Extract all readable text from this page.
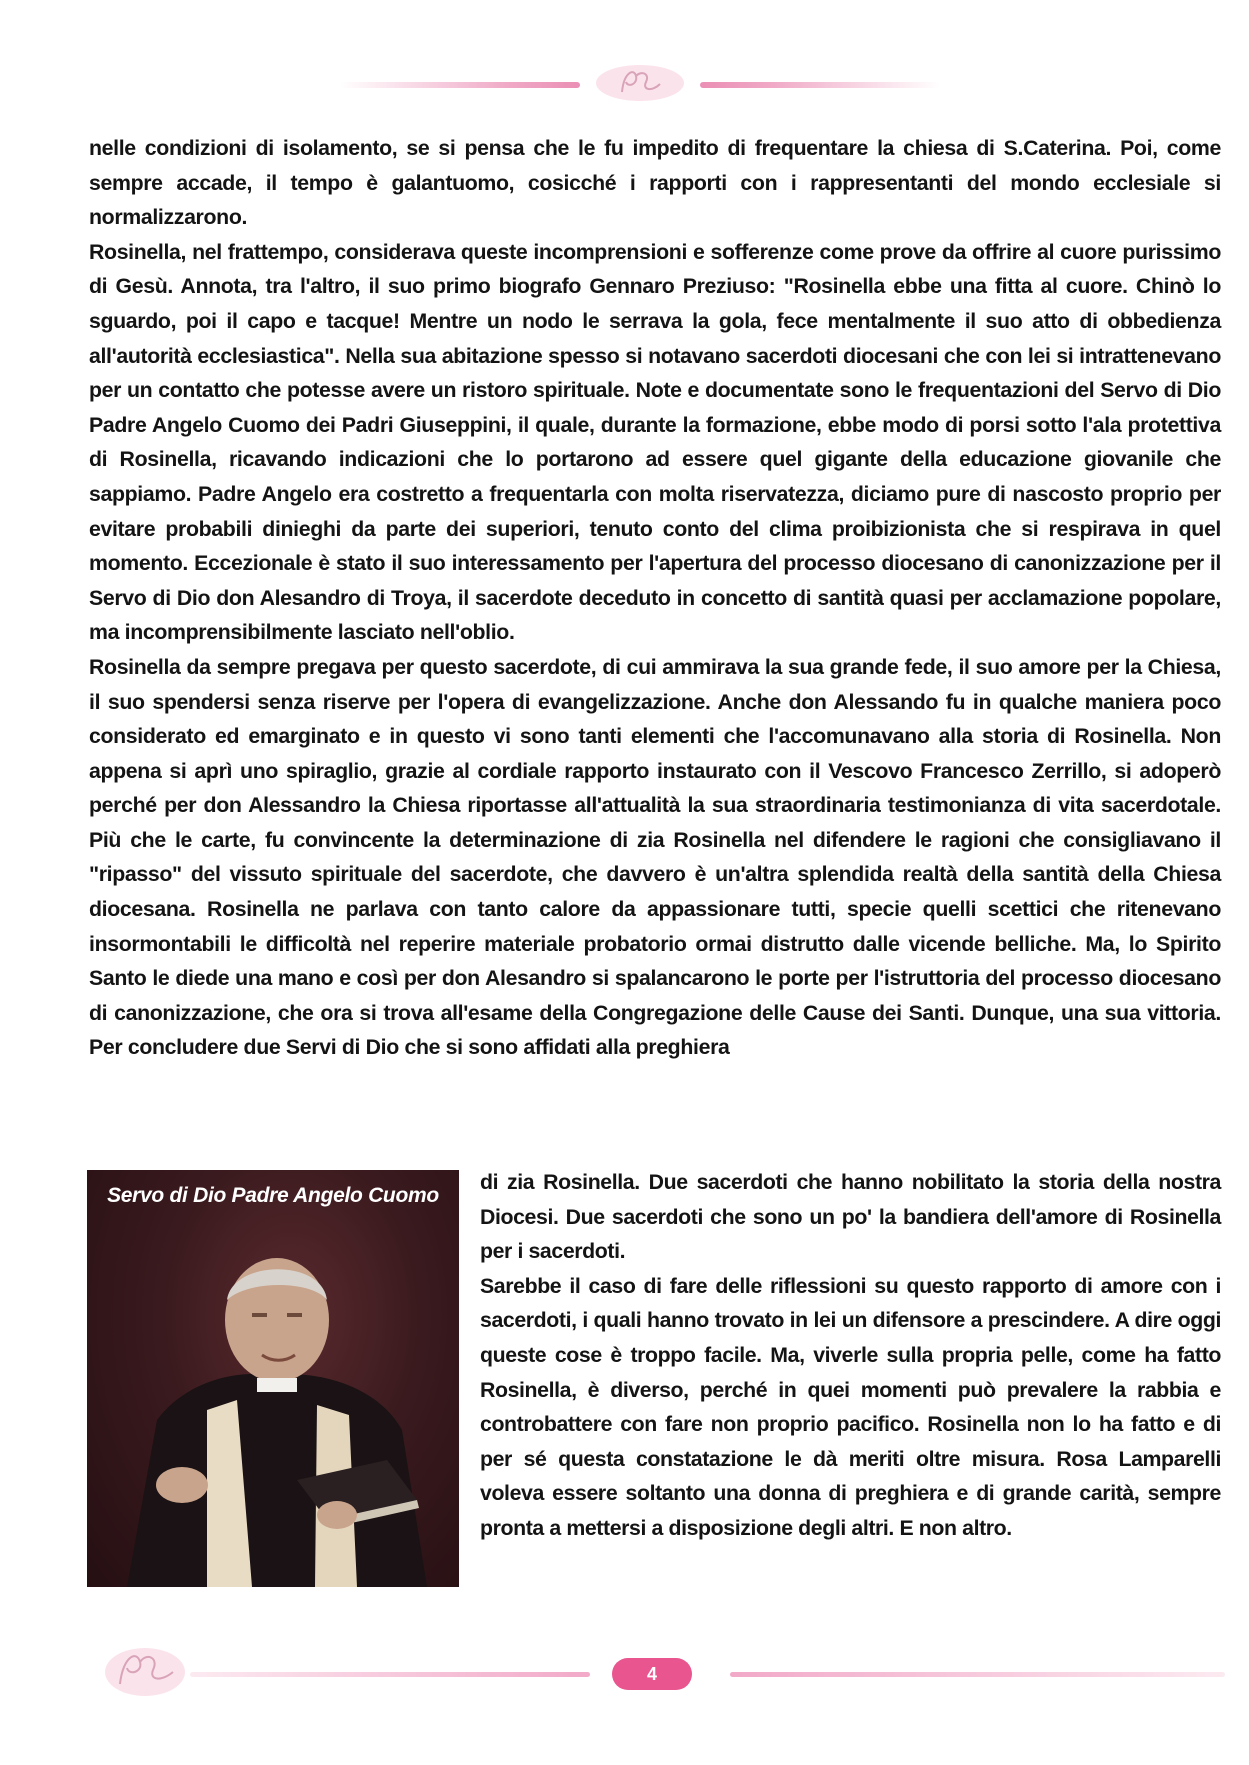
nelle condizioni di isolamento, se si pensa che le fu impedito di frequentare la chiesa di S.Caterina. Poi, come sempre accade, il tempo è galantuomo, cosicché i rapporti con i rappresentanti del mondo ecclesiale si normalizzarono.

Rosinella, nel frattempo, considerava queste incomprensioni e sofferenze come prove da offrire al cuore purissimo di Gesù. Annota, tra l'altro, il suo primo biografo Gennaro Preziuso: "Rosinella ebbe una fitta al cuore. Chinò lo sguardo, poi il capo e tacque! Mentre un nodo le serrava la gola, fece mentalmente il suo atto di obbedienza all'autorità ecclesiastica". Nella sua abitazione spesso si notavano sacerdoti diocesani che con lei si intrattenevano per un contatto che potesse avere un ristoro spirituale. Note e documentate sono le frequentazioni del Servo di Dio Padre Angelo Cuomo dei Padri Giuseppini, il quale, durante la formazione, ebbe modo di porsi sotto l'ala protettiva di Rosinella, ricavando indicazioni che lo portarono ad essere quel gigante della educazione giovanile che sappiamo. Padre Angelo era costretto a frequentarla con molta riservatezza, diciamo pure di nascosto proprio per evitare probabili dinieghi da parte dei superiori, tenuto conto del clima proibizionista che si respirava in quel momento. Eccezionale è stato il suo interessamento per l'apertura del processo diocesano di canonizzazione per il Servo di Dio don Alesandro di Troya, il sacerdote deceduto in concetto di santità quasi per acclamazione popolare, ma incomprensibilmente lasciato nell'oblio.

Rosinella da sempre pregava per questo sacerdote, di cui ammirava la sua grande fede, il suo amore per la Chiesa, il suo spendersi senza riserve per l'opera di evangelizzazione. Anche don Alessando fu in qualche maniera poco considerato ed emarginato e in questo vi sono tanti elementi che l'accomunavano alla storia di Rosinella. Non appena si aprì uno spiraglio, grazie al cordiale rapporto instaurato con il Vescovo Francesco Zerrillo, si adoperò perché per don Alessandro la Chiesa riportasse all'attualità la sua straordinaria testimonianza di vita sacerdotale. Più che le carte, fu convincente la determinazione di zia Rosinella nel difendere le ragioni che consigliavano il "ripasso" del vissuto spirituale del sacerdote, che davvero è un'altra splendida realtà della santità della Chiesa diocesana. Rosinella ne parlava con tanto calore da appassionare tutti, specie quelli scettici che ritenevano insormontabili le difficoltà nel reperire materiale probatorio ormai distrutto dalle vicende belliche. Ma, lo Spirito Santo le diede una mano e così per don Alesandro si spalancarono le porte per l'istruttoria del processo diocesano di canonizzazione, che ora si trova all'esame della Congregazione delle Cause dei Santi. Dunque, una sua vittoria. Per concludere due Servi di Dio che si sono affidati alla preghiera

Servo di Dio Padre Angelo Cuomo

di zia Rosinella. Due sacerdoti che hanno nobilitato la storia della nostra Diocesi. Due sacerdoti che sono un po' la bandiera dell'amore di Rosinella per i sacerdoti.

Sarebbe il caso di fare delle riflessioni su questo rapporto di amore con i sacerdoti, i quali hanno trovato in lei un difensore a prescindere. A dire oggi queste cose è troppo facile. Ma, viverle sulla propria pelle, come ha fatto Rosinella, è diverso, perché in quei momenti può prevalere la rabbia e controbattere con fare non proprio pacifico. Rosinella non lo ha fatto e di per sé questa constatazione le dà meriti oltre misura. Rosa Lamparelli voleva essere soltanto una donna di preghiera e di grande carità, sempre pronta a mettersi a disposizione degli altri. E non altro.

4
